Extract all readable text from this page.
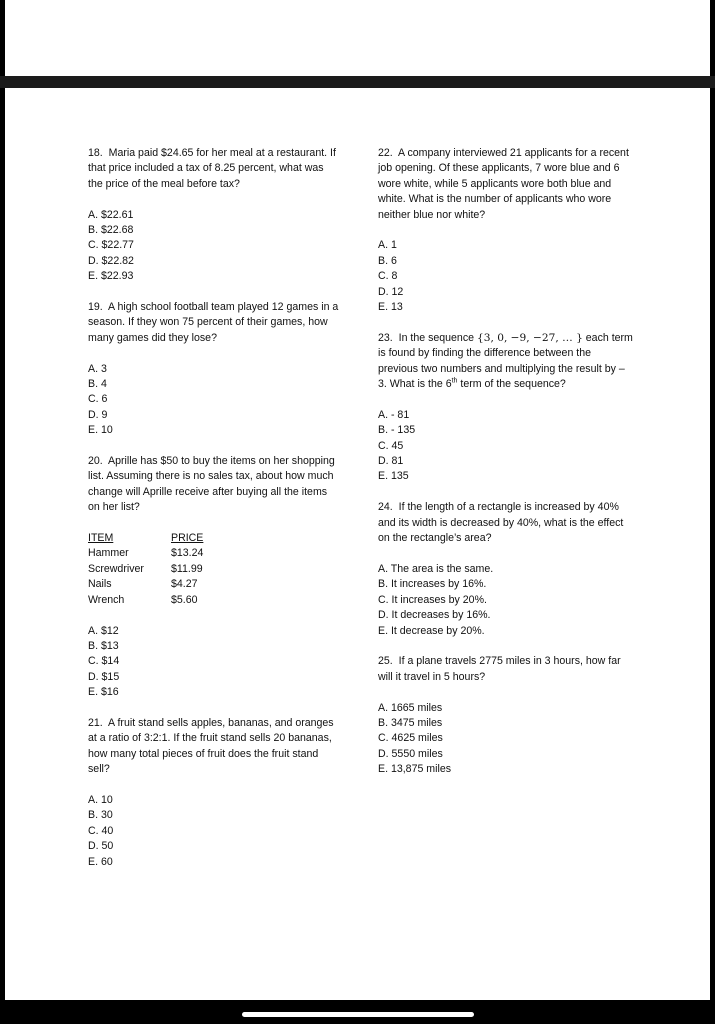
18. Maria paid $24.65 for her meal at a restaurant. If that price included a tax of 8.25 percent, what was the price of the meal before tax?

A. $22.61

B. $22.68

C. $22.77

D. $22.82

E. $22.93

19. A high school football team played 12 games in a season. If they won 75 percent of their games, how many games did they lose?

A. 3

B. 4

C. 6

D. 9

E. 10

20. Aprille has $50 to buy the items on her shopping list. Assuming there is no sales tax, about how much change will Aprille receive after buying all the items on her list?

ITEM	PRICE
Hammer	$13.24
Screwdriver	$11.99
Nails	$4.27
Wrench	$5.60

A. $12

B. $13

C. $14

D. $15

E. $16

21. A fruit stand sells apples, bananas, and oranges at a ratio of 3:2:1. If the fruit stand sells 20 bananas, how many total pieces of fruit does the fruit stand sell?

A. 10

B. 30

C. 40

D. 50

E. 60

22. A company interviewed 21 applicants for a recent job opening. Of these applicants, 7 wore blue and 6 wore white, while 5 applicants wore both blue and white. What is the number of applicants who wore neither blue nor white?

A. 1

B. 6

C. 8

D. 12

E. 13

23. In the sequence {3, 0, −9, −27, … } each term is found by finding the difference between the previous two numbers and multiplying the result by – 3. What is the 6th term of the sequence?

A. - 81

B. - 135

C. 45

D. 81

E. 135

24. If the length of a rectangle is increased by 40% and its width is decreased by 40%, what is the effect on the rectangle’s area?

A. The area is the same.

B. It increases by 16%.

C. It increases by 20%.

D. It decreases by 16%.

E. It decrease by 20%.

25. If a plane travels 2775 miles in 3 hours, how far will it travel in 5 hours?

A. 1665 miles

B. 3475 miles

C. 4625 miles

D. 5550 miles

E. 13,875 miles
